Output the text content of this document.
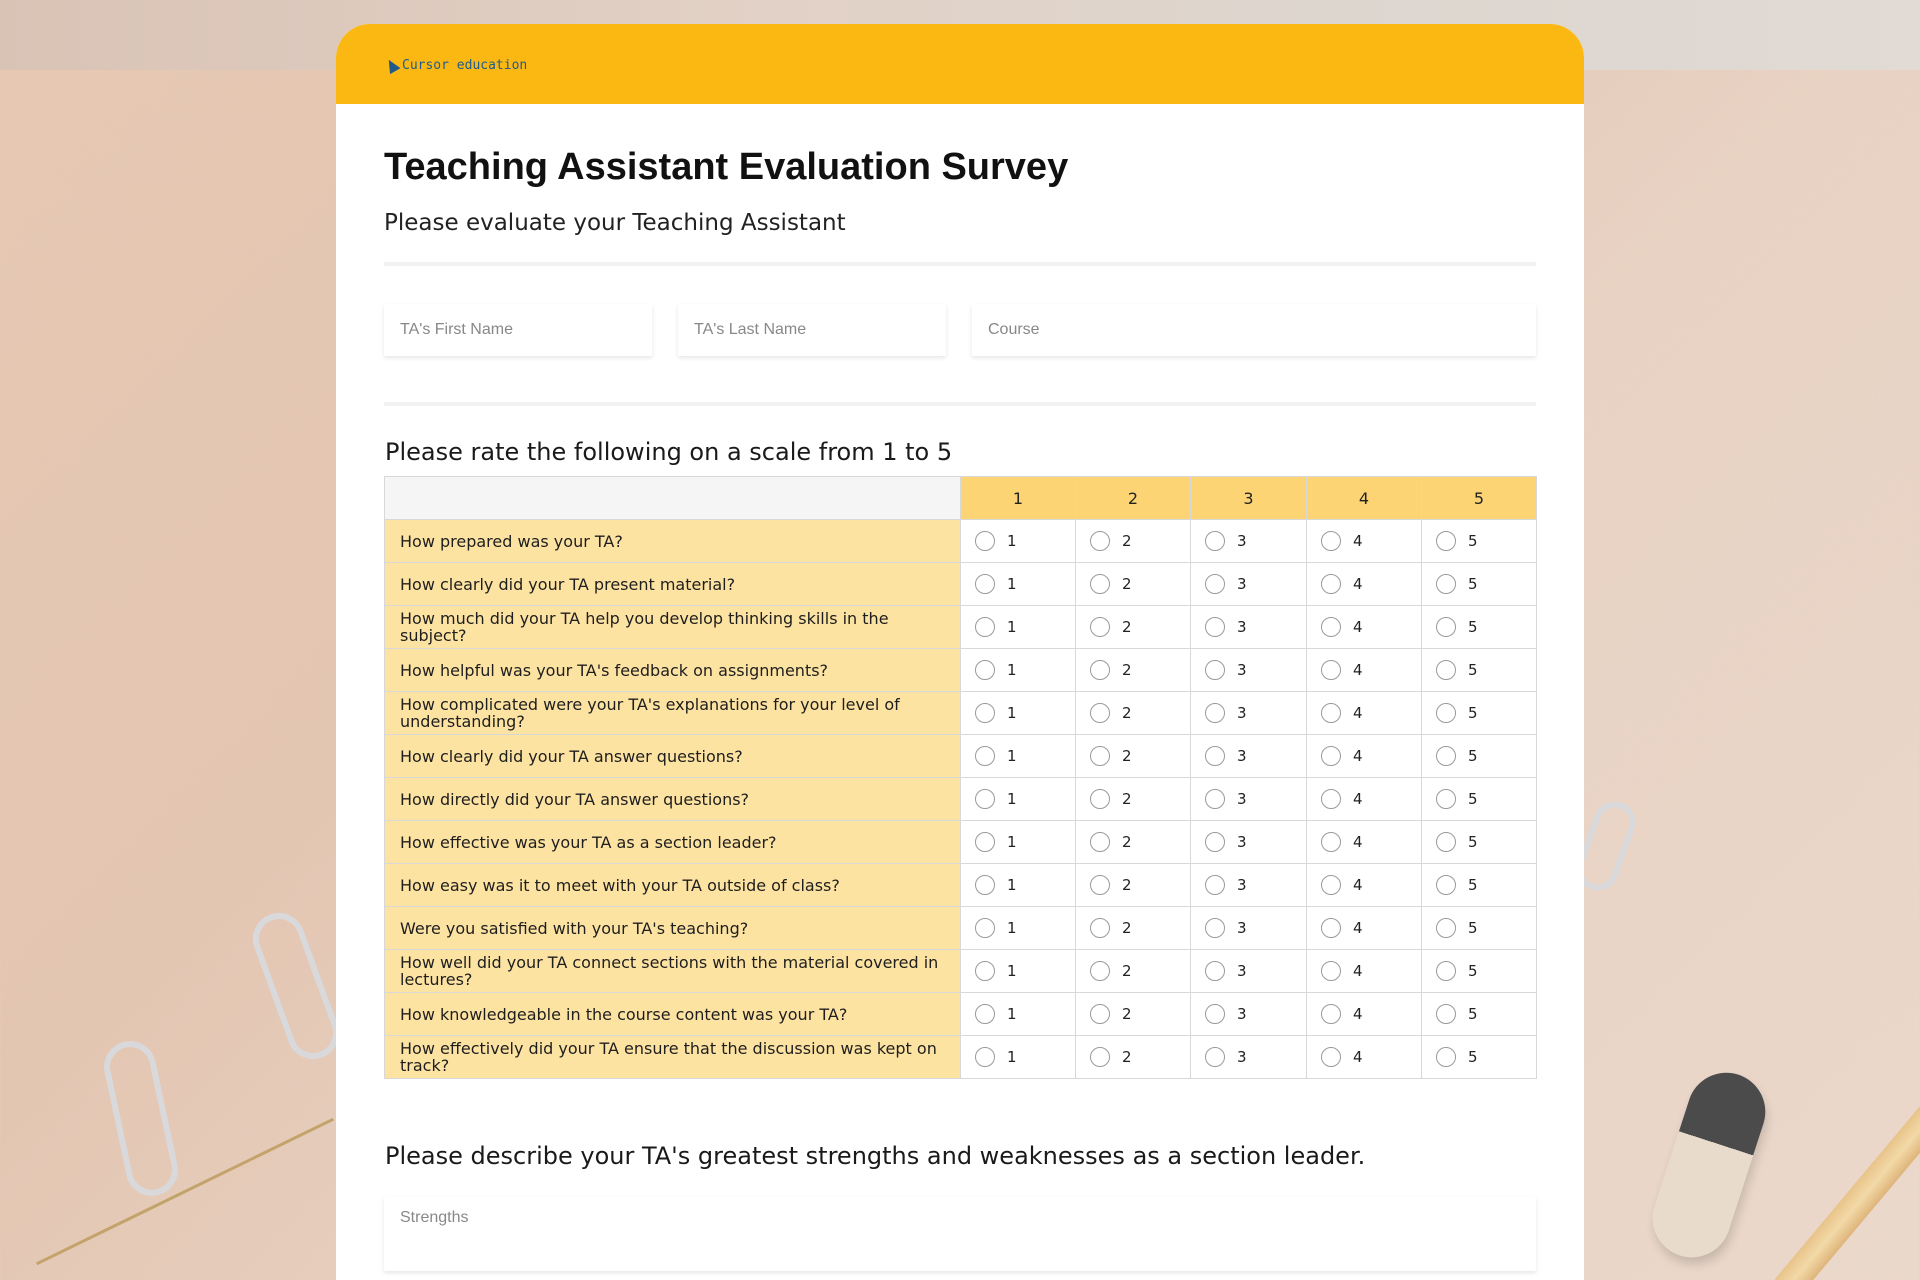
Cursor education
Teaching Assistant Evaluation Survey
Please evaluate your Teaching Assistant
TA's First Name	TA's Last Name	Course
Please rate the following on a scale from 1 to 5
	1	2	3	4	5
How prepared was your TA?	1	2	3	4	5

How clearly did your TA present material?	1	2	3	4	5

How much did your TA help you develop thinking skills in the subject?	1	2	3	4	5

How helpful was your TA's feedback on assignments?	1	2	3	4	5

How complicated were your TA's explanations for your level of understanding?	1	2	3	4	5

How clearly did your TA answer questions?	1	2	3	4	5

How directly did your TA answer questions?	1	2	3	4	5

How effective was your TA as a section leader?	1	2	3	4	5

How easy was it to meet with your TA outside of class?	1	2	3	4	5

Were you satisfied with your TA's teaching?	1	2	3	4	5

How well did your TA connect sections with the material covered in lectures?	1	2	3	4	5

How knowledgeable in the course content was your TA?	1	2	3	4	5

How effectively did your TA ensure that the discussion was kept on track?	1	2	3	4	5
Please describe your TA's greatest strengths and weaknesses as a section leader.
Strengths
